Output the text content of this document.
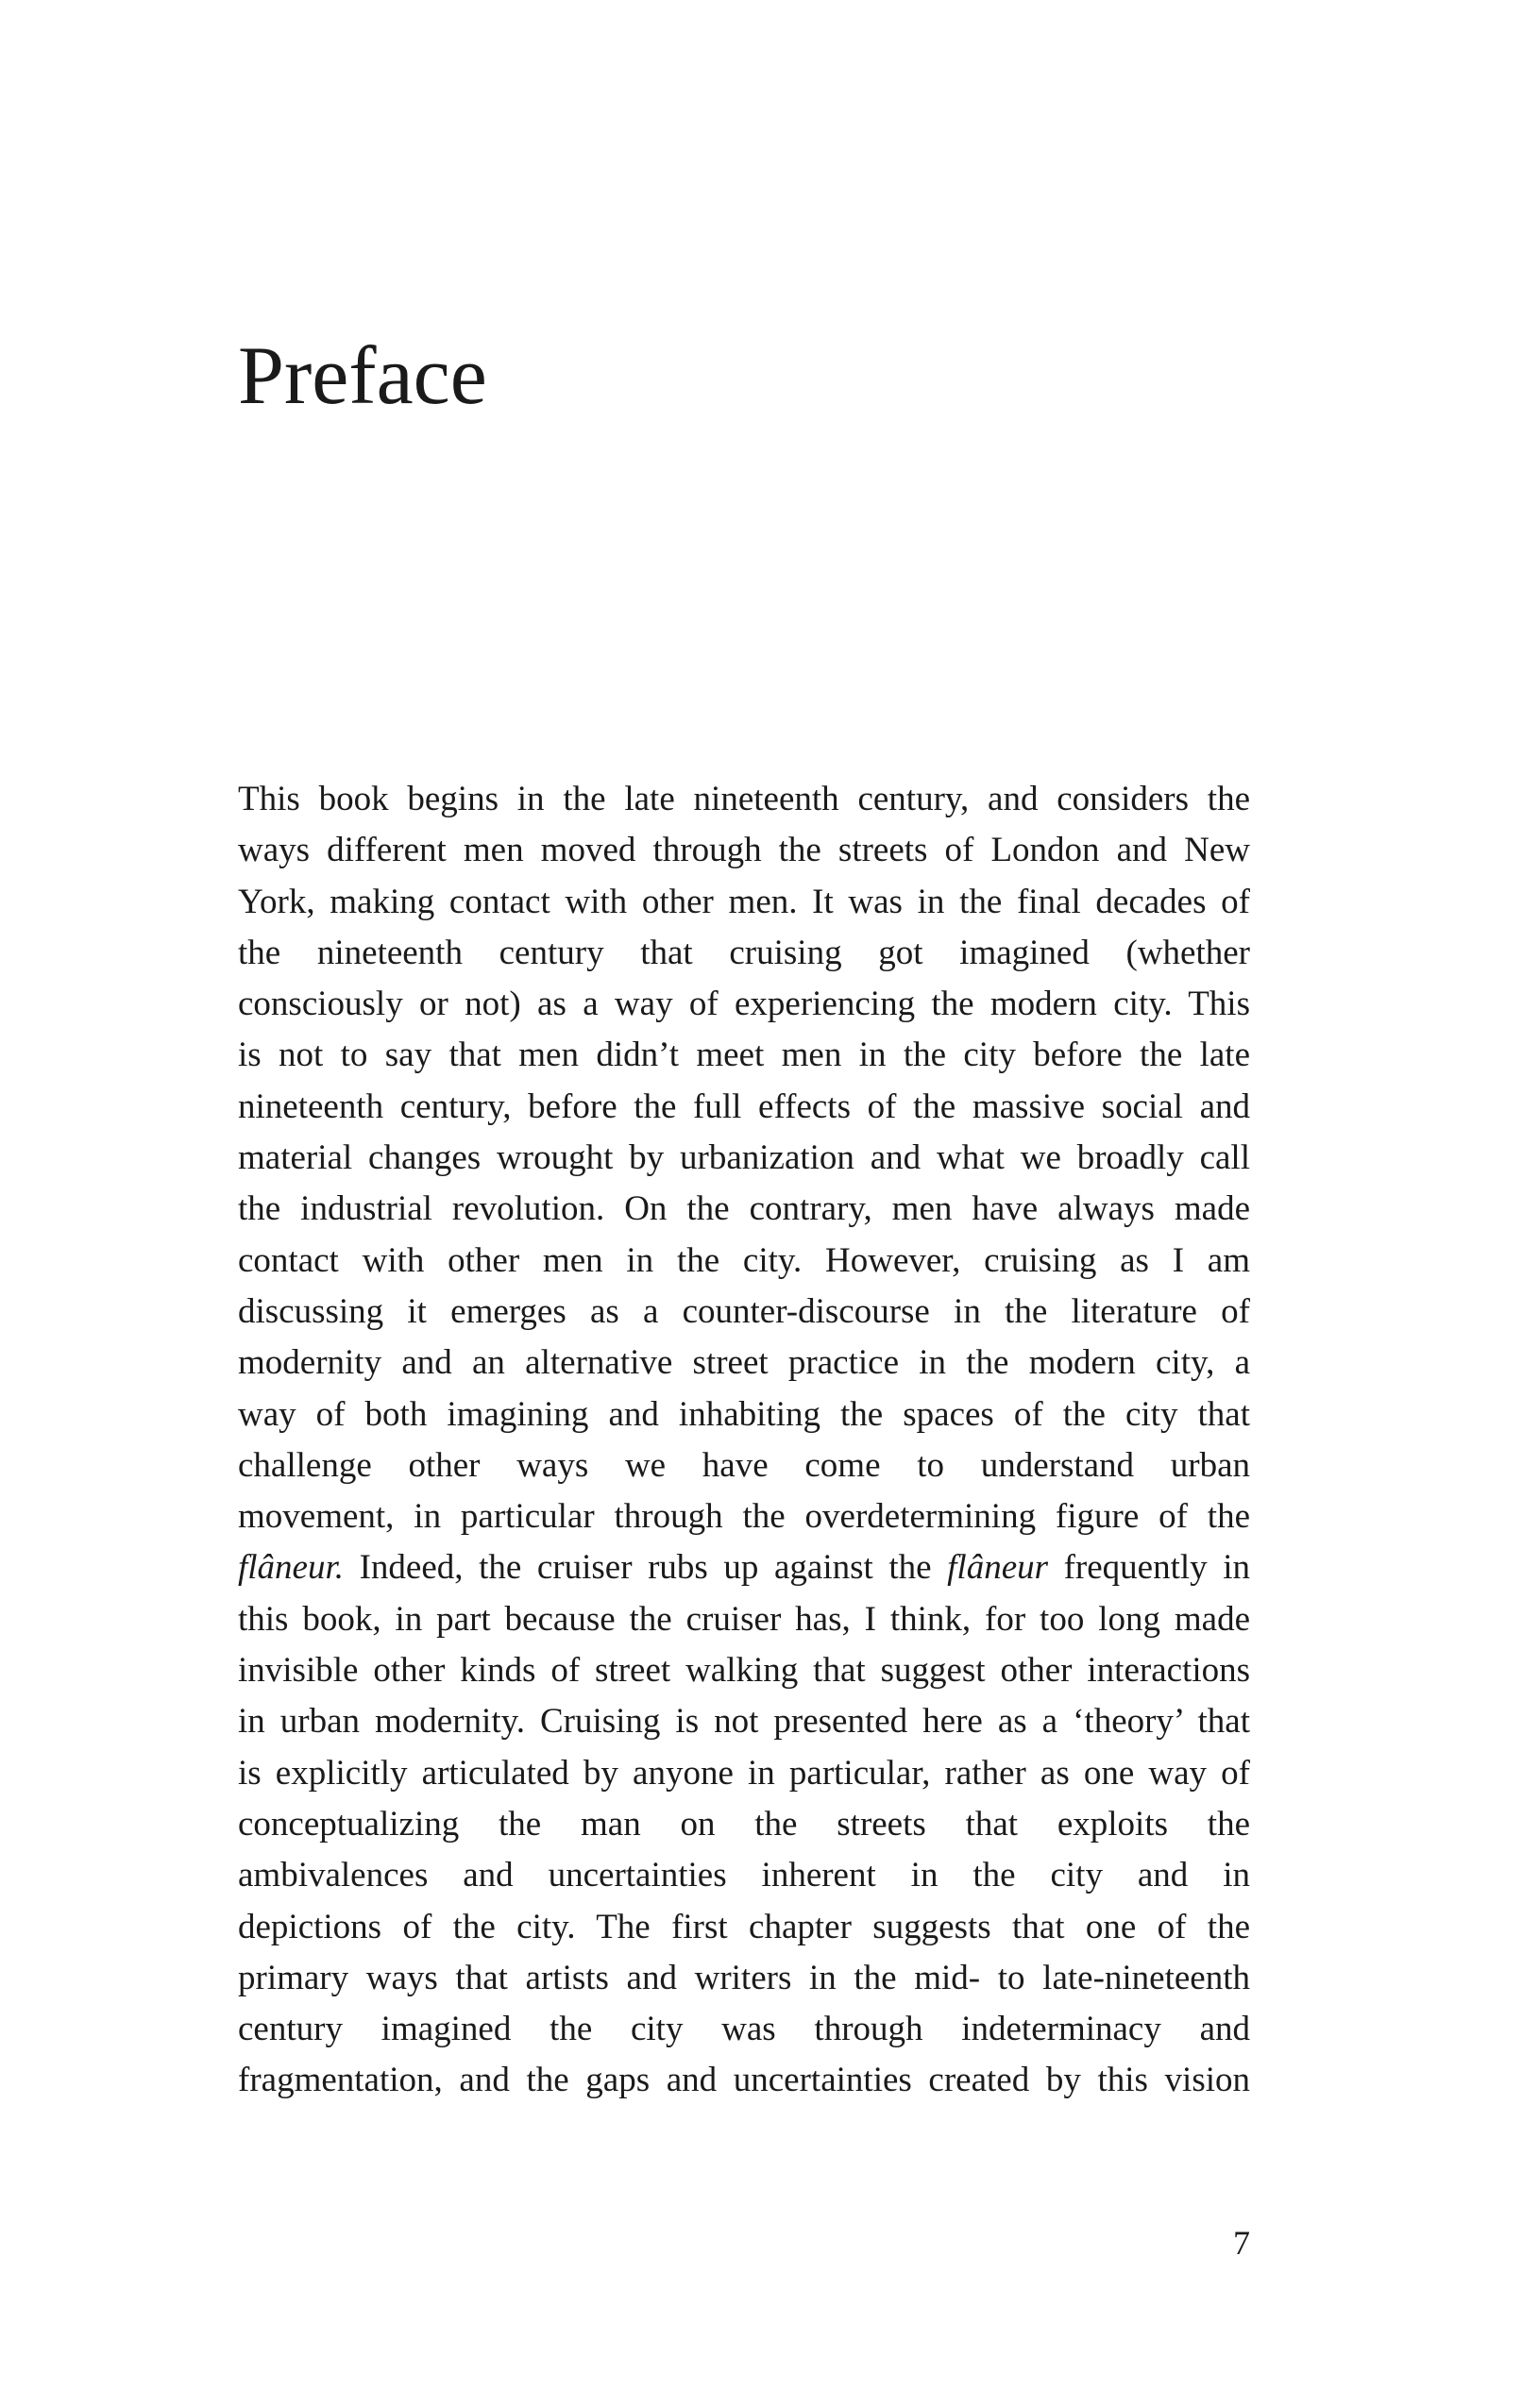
Preface
This book begins in the late nineteenth century, and considers the
ways different men moved through the streets of London and New
York, making contact with other men. It was in the final decades of
the nineteenth century that cruising got imagined (whether
consciously or not) as a way of experiencing the modern city. This
is not to say that men didn’t meet men in the city before the late
nineteenth century, before the full effects of the massive social and
material changes wrought by urbanization and what we broadly call
the industrial revolution. On the contrary, men have always made
contact with other men in the city. However, cruising as I am
discussing it emerges as a counter-discourse in the literature of
modernity and an alternative street practice in the modern city, a
way of both imagining and inhabiting the spaces of the city that
challenge other ways we have come to understand urban
movement, in particular through the overdetermining figure of the
flâneur. Indeed, the cruiser rubs up against the flâneur frequently in
this book, in part because the cruiser has, I think, for too long made
invisible other kinds of street walking that suggest other interactions
in urban modernity. Cruising is not presented here as a ‘theory’ that
is explicitly articulated by anyone in particular, rather as one way of
conceptualizing the man on the streets that exploits the
ambivalences and uncertainties inherent in the city and in
depictions of the city. The first chapter suggests that one of the
primary ways that artists and writers in the mid- to late-nineteenth
century imagined the city was through indeterminacy and
fragmentation, and the gaps and uncertainties created by this vision

7
